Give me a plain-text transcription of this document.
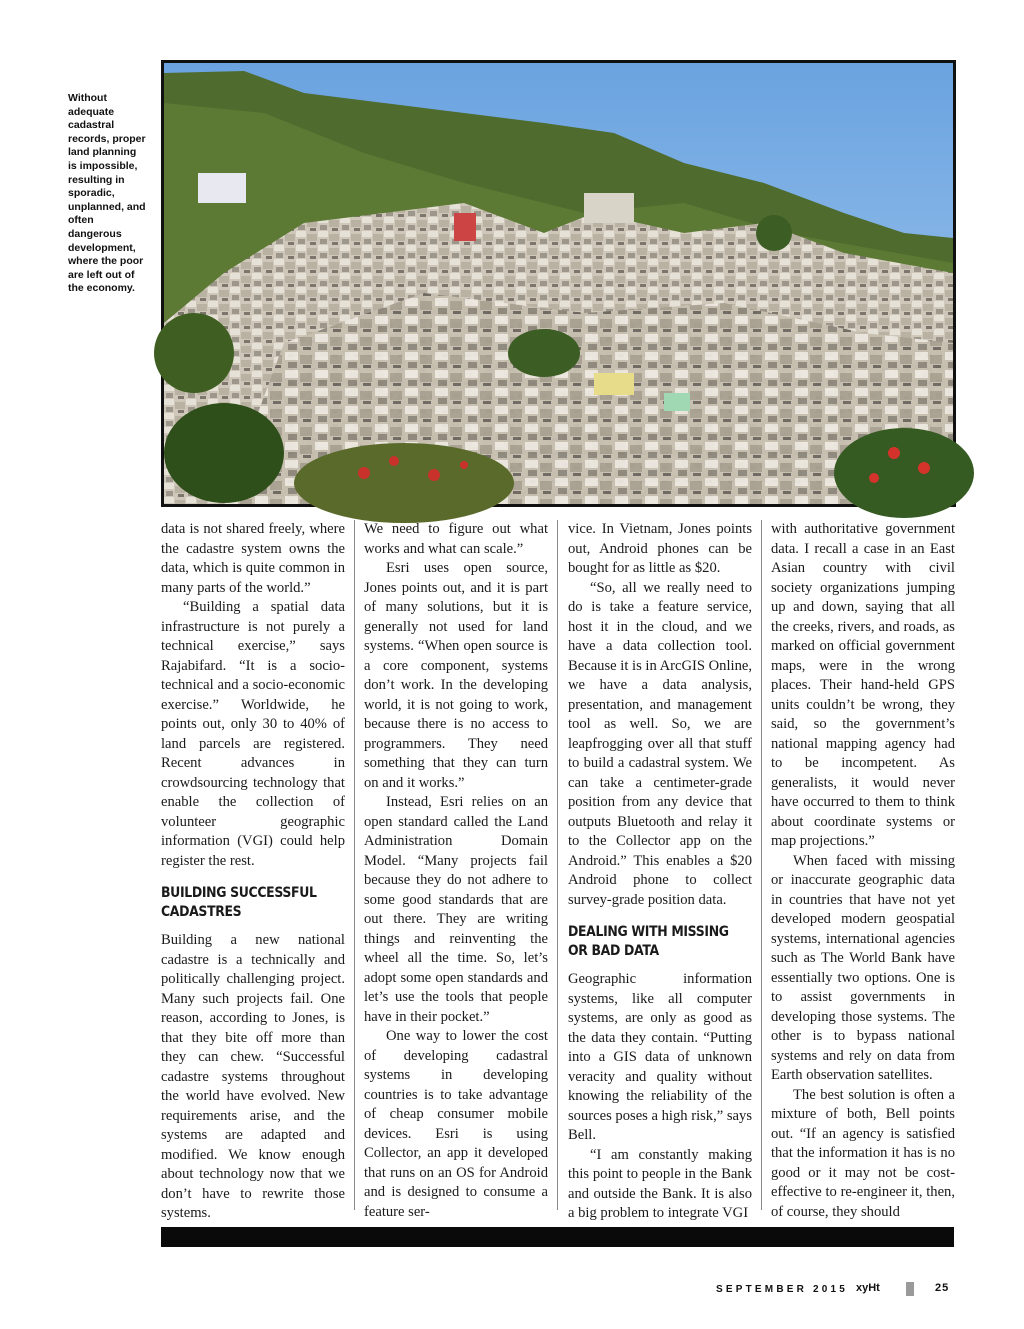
Without adequate cadastral records, proper land planning is impossible, resulting in sporadic, unplanned, and often dangerous development, where the poor are left out of the economy.

data is not shared freely, where the cadastre system owns the data, which is quite common in many parts of the world.”

“Building a spatial data infrastructure is not purely a technical exercise,” says Rajabifard. “It is a socio-technical and a socio-economic exercise.” Worldwide, he points out, only 30 to 40% of land parcels are registered. Recent advances in crowdsourcing technology that enable the collection of volunteer geographic information (VGI) could help register the rest.

BUILDING SUCCESSFUL
CADASTRES

Building a new national cadastre is a technically and politically challenging project. Many such projects fail. One reason, according to Jones, is that they bite off more than they can chew. “Successful cadastre systems throughout the world have evolved. New requirements arise, and the systems are adapted and modified. We know enough about technology now that we don’t have to rewrite those systems.

We need to figure out what works and what can scale.”

Esri uses open source, Jones points out, and it is part of many solutions, but it is generally not used for land systems. “When open source is a core component, systems don’t work. In the developing world, it is not going to work, because there is no access to programmers. They need something that they can turn on and it works.”

Instead, Esri relies on an open standard called the Land Administration Domain Model. “Many projects fail because they do not adhere to some good standards that are out there. They are writing things and reinventing the wheel all the time. So, let’s adopt some open standards and let’s use the tools that people have in their pocket.”

One way to lower the cost of developing cadastral systems in developing countries is to take advantage of cheap consumer mobile devices. Esri is using Collector, an app it developed that runs on an OS for Android and is designed to consume a feature ser-

vice. In Vietnam, Jones points out, Android phones can be bought for as little as $20.

“So, all we really need to do is take a feature service, host it in the cloud, and we have a data collection tool. Because it is in ArcGIS Online, we have a data analysis, presentation, and management tool as well. So, we are leapfrogging over all that stuff to build a cadastral system. We can take a centimeter-grade position from any device that outputs Bluetooth and relay it to the Collector app on the Android.” This enables a $20 Android phone to collect survey-grade position data.

DEALING WITH MISSING
OR BAD DATA

Geographic information systems, like all computer systems, are only as good as the data they contain. “Putting into a GIS data of unknown veracity and quality without knowing the reliability of the sources poses a high risk,” says Bell.

“I am constantly making this point to people in the Bank and outside the Bank. It is also a big problem to integrate VGI

with authoritative government data. I recall a case in an East Asian country with civil society organizations jumping up and down, saying that all the creeks, rivers, and roads, as marked on official government maps, were in the wrong places. Their hand-held GPS units couldn’t be wrong, they said, so the government’s national mapping agency had to be incompetent. As generalists, it would never have occurred to them to think about coordinate systems or map projections.”

When faced with missing or inaccurate geographic data in countries that have not yet developed modern geospatial systems, international agencies such as The World Bank have essentially two options. One is to assist governments in developing those systems. The other is to bypass national systems and rely on data from Earth observation satellites.

The best solution is often a mixture of both, Bell points out. “If an agency is satisfied that the information it has is no good or it may not be cost-effective to re-engineer it, then, of course, they should

SEPTEMBER 2015 xyHt	25
